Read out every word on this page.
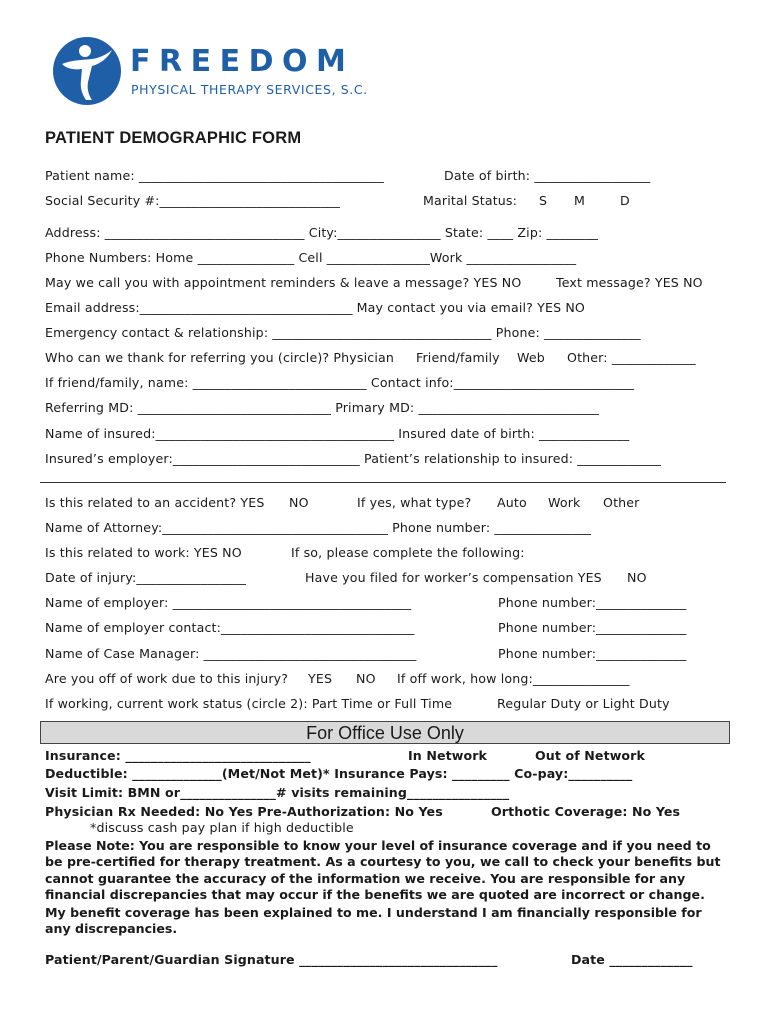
FREEDOM
PHYSICAL THERAPY SERVICES, S.C.
PATIENT DEMOGRAPHIC FORM
Patient name: ______________________________________	Date of birth: __________________
Social Security #:____________________________	Marital Status: S M	D
Address: _______________________________ City:________________ State: ____ Zip: ________
Phone Numbers: Home _______________ Cell ________________Work _________________
May we call you with appointment reminders & leave a message? YES NO	Text message? YES NO
Email address:_________________________________ May contact you via email? YES NO
Emergency contact & relationship: __________________________________ Phone: _______________
Who can we thank for referring you (circle)? Physician Friend/family Web Other: _____________
If friend/family, name: ___________________________ Contact info:____________________________
Referring MD: ______________________________ Primary MD: ____________________________
Name of insured:_____________________________________ Insured date of birth: ______________
Insured’s employer:_____________________________ Patient’s relationship to insured: _____________
Is this related to an accident? YES NO	If yes, what type? Auto Work Other
Name of Attorney:___________________________________ Phone number: _______________
Is this related to work: YES NO	If so, please complete the following:
Date of injury:_________________	Have you filed for worker’s compensation YES NO
Name of employer: _____________________________________	Phone number:______________
Name of employer contact:______________________________	Phone number:______________
Name of Case Manager: _________________________________	Phone number:______________
Are you off of work due to this injury? YES NO If off work, how long:_______________
If working, current work status (circle 2): Part Time or Full Time	Regular Duty or Light Duty
For Office Use Only
Insurance: _____________________________	In Network	Out of Network
Deductible: ______________(Met/Not Met)* Insurance Pays: _________ Co-pay:__________
Visit Limit: BMN or_______________# visits remaining________________
Physician Rx Needed: No Yes Pre-Authorization: No Yes	Orthotic Coverage: No Yes
*discuss cash pay plan if high deductible
Please Note: You are responsible to know your level of insurance coverage and if you need to be pre-certified for therapy treatment. As a courtesy to you, we call to check your benefits but cannot guarantee the accuracy of the information we receive. You are responsible for any financial discrepancies that may occur if the benefits we are quoted are incorrect or change.
My benefit coverage has been explained to me. I understand I am financially responsible for any discrepancies.
Patient/Parent/Guardian Signature _______________________________	Date _____________
